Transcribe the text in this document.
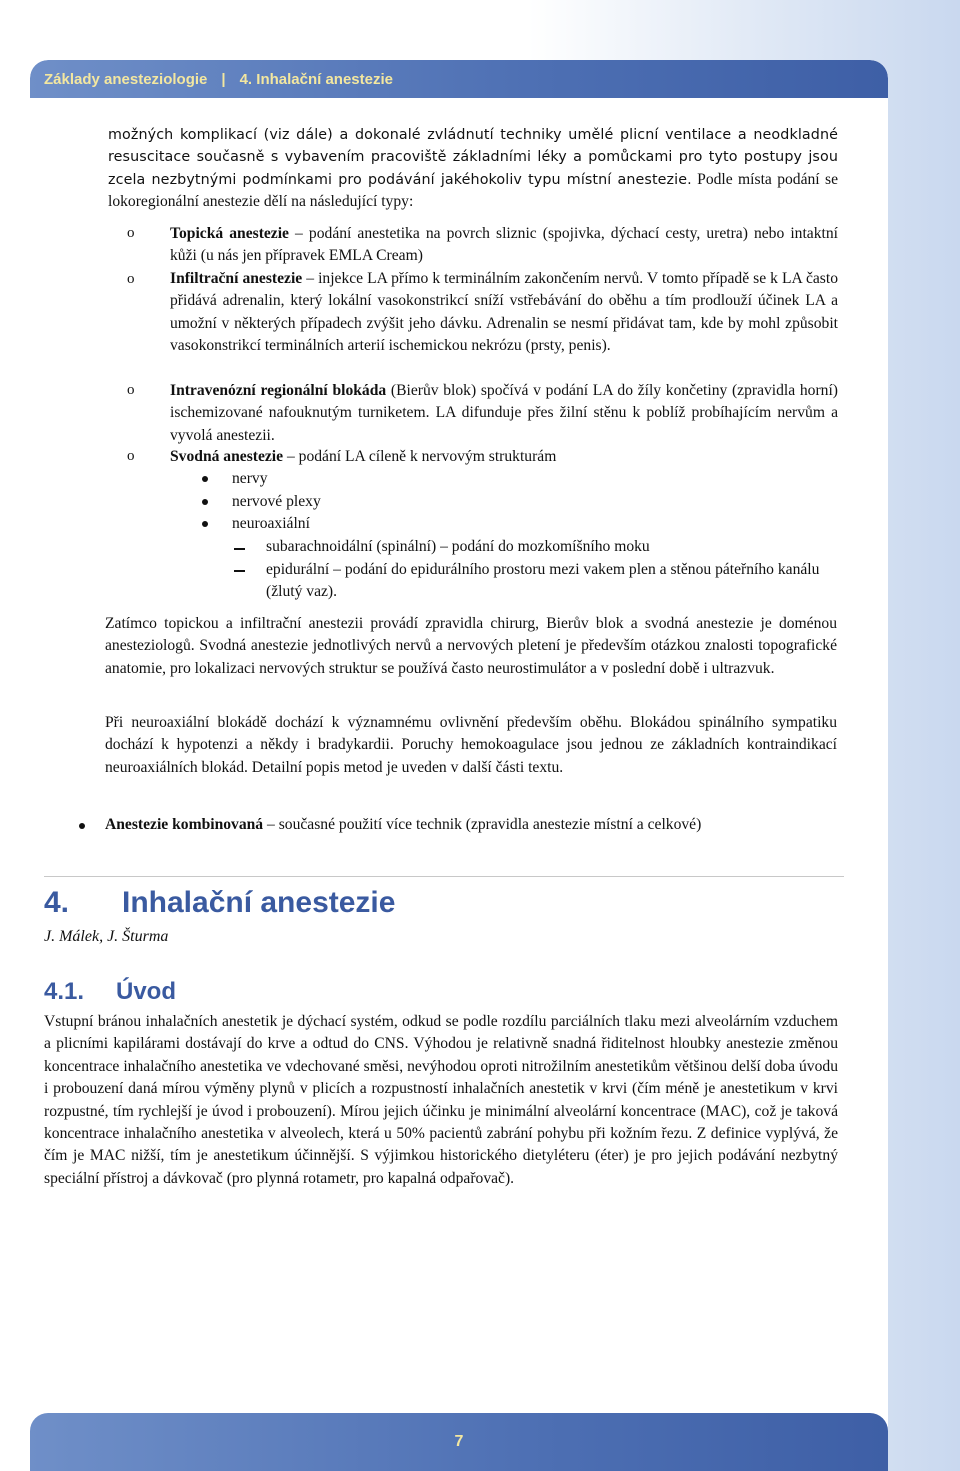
Základy anesteziologie | 4. Inhalační anestezie
možných komplikací (viz dále) a dokonalé zvládnutí techniky umělé plicní ventilace a neodkladné resuscitace současně s vybavením pracoviště základními léky a pomůckami pro tyto postupy jsou zcela nezbytnými podmínkami pro podávání jakéhokoliv typu místní anestezie. Podle místa podání se lokoregionální anestezie dělí na následující typy:
o Topická anestezie – podání anestetika na povrch sliznic (spojivka, dýchací cesty, uretra) nebo intaktní kůži (u nás jen přípravek EMLA Cream)
o Infiltrační anestezie – injekce LA přímo k terminálním zakončením nervů. V tomto případě se k LA často přidává adrenalin, který lokální vasokonstrikcí sníží vstřebávání do oběhu a tím prodlouží účinek LA a umožní v některých případech zvýšit jeho dávku. Adrenalin se nesmí přidávat tam, kde by mohl způsobit vasokonstrikcí terminálních arterií ischemickou nekrózu (prsty, penis).
o Intravenózní regionální blokáda (Bierův blok) spočívá v podání LA do žíly končetiny (zpravidla horní) ischemizované nafouknutým turniketem. LA difunduje přes žilní stěnu k poblíž probíhajícím nervům a vyvolá anestezii.
o Svodná anestezie – podání LA cíleně k nervovým strukturám
nervy
nervové plexy
neuroaxiální
subarachnoidální (spinální) – podání do mozkomíšního moku
epidurální – podání do epidurálního prostoru mezi vakem plen a stěnou páteřního kanálu (žlutý vaz).
Zatímco topickou a infiltrační anestezii provádí zpravidla chirurg, Bierův blok a svodná anestezie je doménou anesteziologů. Svodná anestezie jednotlivých nervů a nervových pletení je především otázkou znalosti topografické anatomie, pro lokalizaci nervových struktur se používá často neurostimulátor a v poslední době i ultrazvuk.
Při neuroaxiální blokádě dochází k významnému ovlivnění především oběhu. Blokádou spinálního sympatiku dochází k hypotenzi a někdy i bradykardii. Poruchy hemokoagulace jsou jednou ze základních kontraindikací neuroaxiálních blokád. Detailní popis metod je uveden v další části textu.
Anestezie kombinovaná – současné použití více technik (zpravidla anestezie místní a celkové)
4. Inhalační anestezie
J. Málek, J. Šturma
4.1. Úvod
Vstupní bránou inhalačních anestetik je dýchací systém, odkud se podle rozdílu parciálních tlaku mezi alveolárním vzduchem a plicními kapilárami dostávají do krve a odtud do CNS. Výhodou je relativně snadná řiditelnost hloubky anestezie změnou koncentrace inhalačního anestetika ve vdechované směsi, nevýhodou oproti nitrožilním anestetikům většinou delší doba úvodu i probouzení daná mírou výměny plynů v plicích a rozpustností inhalačních anestetik v krvi (čím méně je anestetikum v krvi rozpustné, tím rychlejší je úvod i probouzení). Mírou jejich účinku je minimální alveolární koncentrace (MAC), což je taková koncentrace inhalačního anestetika v alveolech, která u 50% pacientů zabrání pohybu při kožním řezu. Z definice vyplývá, že čím je MAC nižší, tím je anestetikum účinnější. S výjimkou historického dietyléteru (éter) je pro jejich podávání nezbytný speciální přístroj a dávkovač (pro plynná rotametr, pro kapalná odpařovač).
7
